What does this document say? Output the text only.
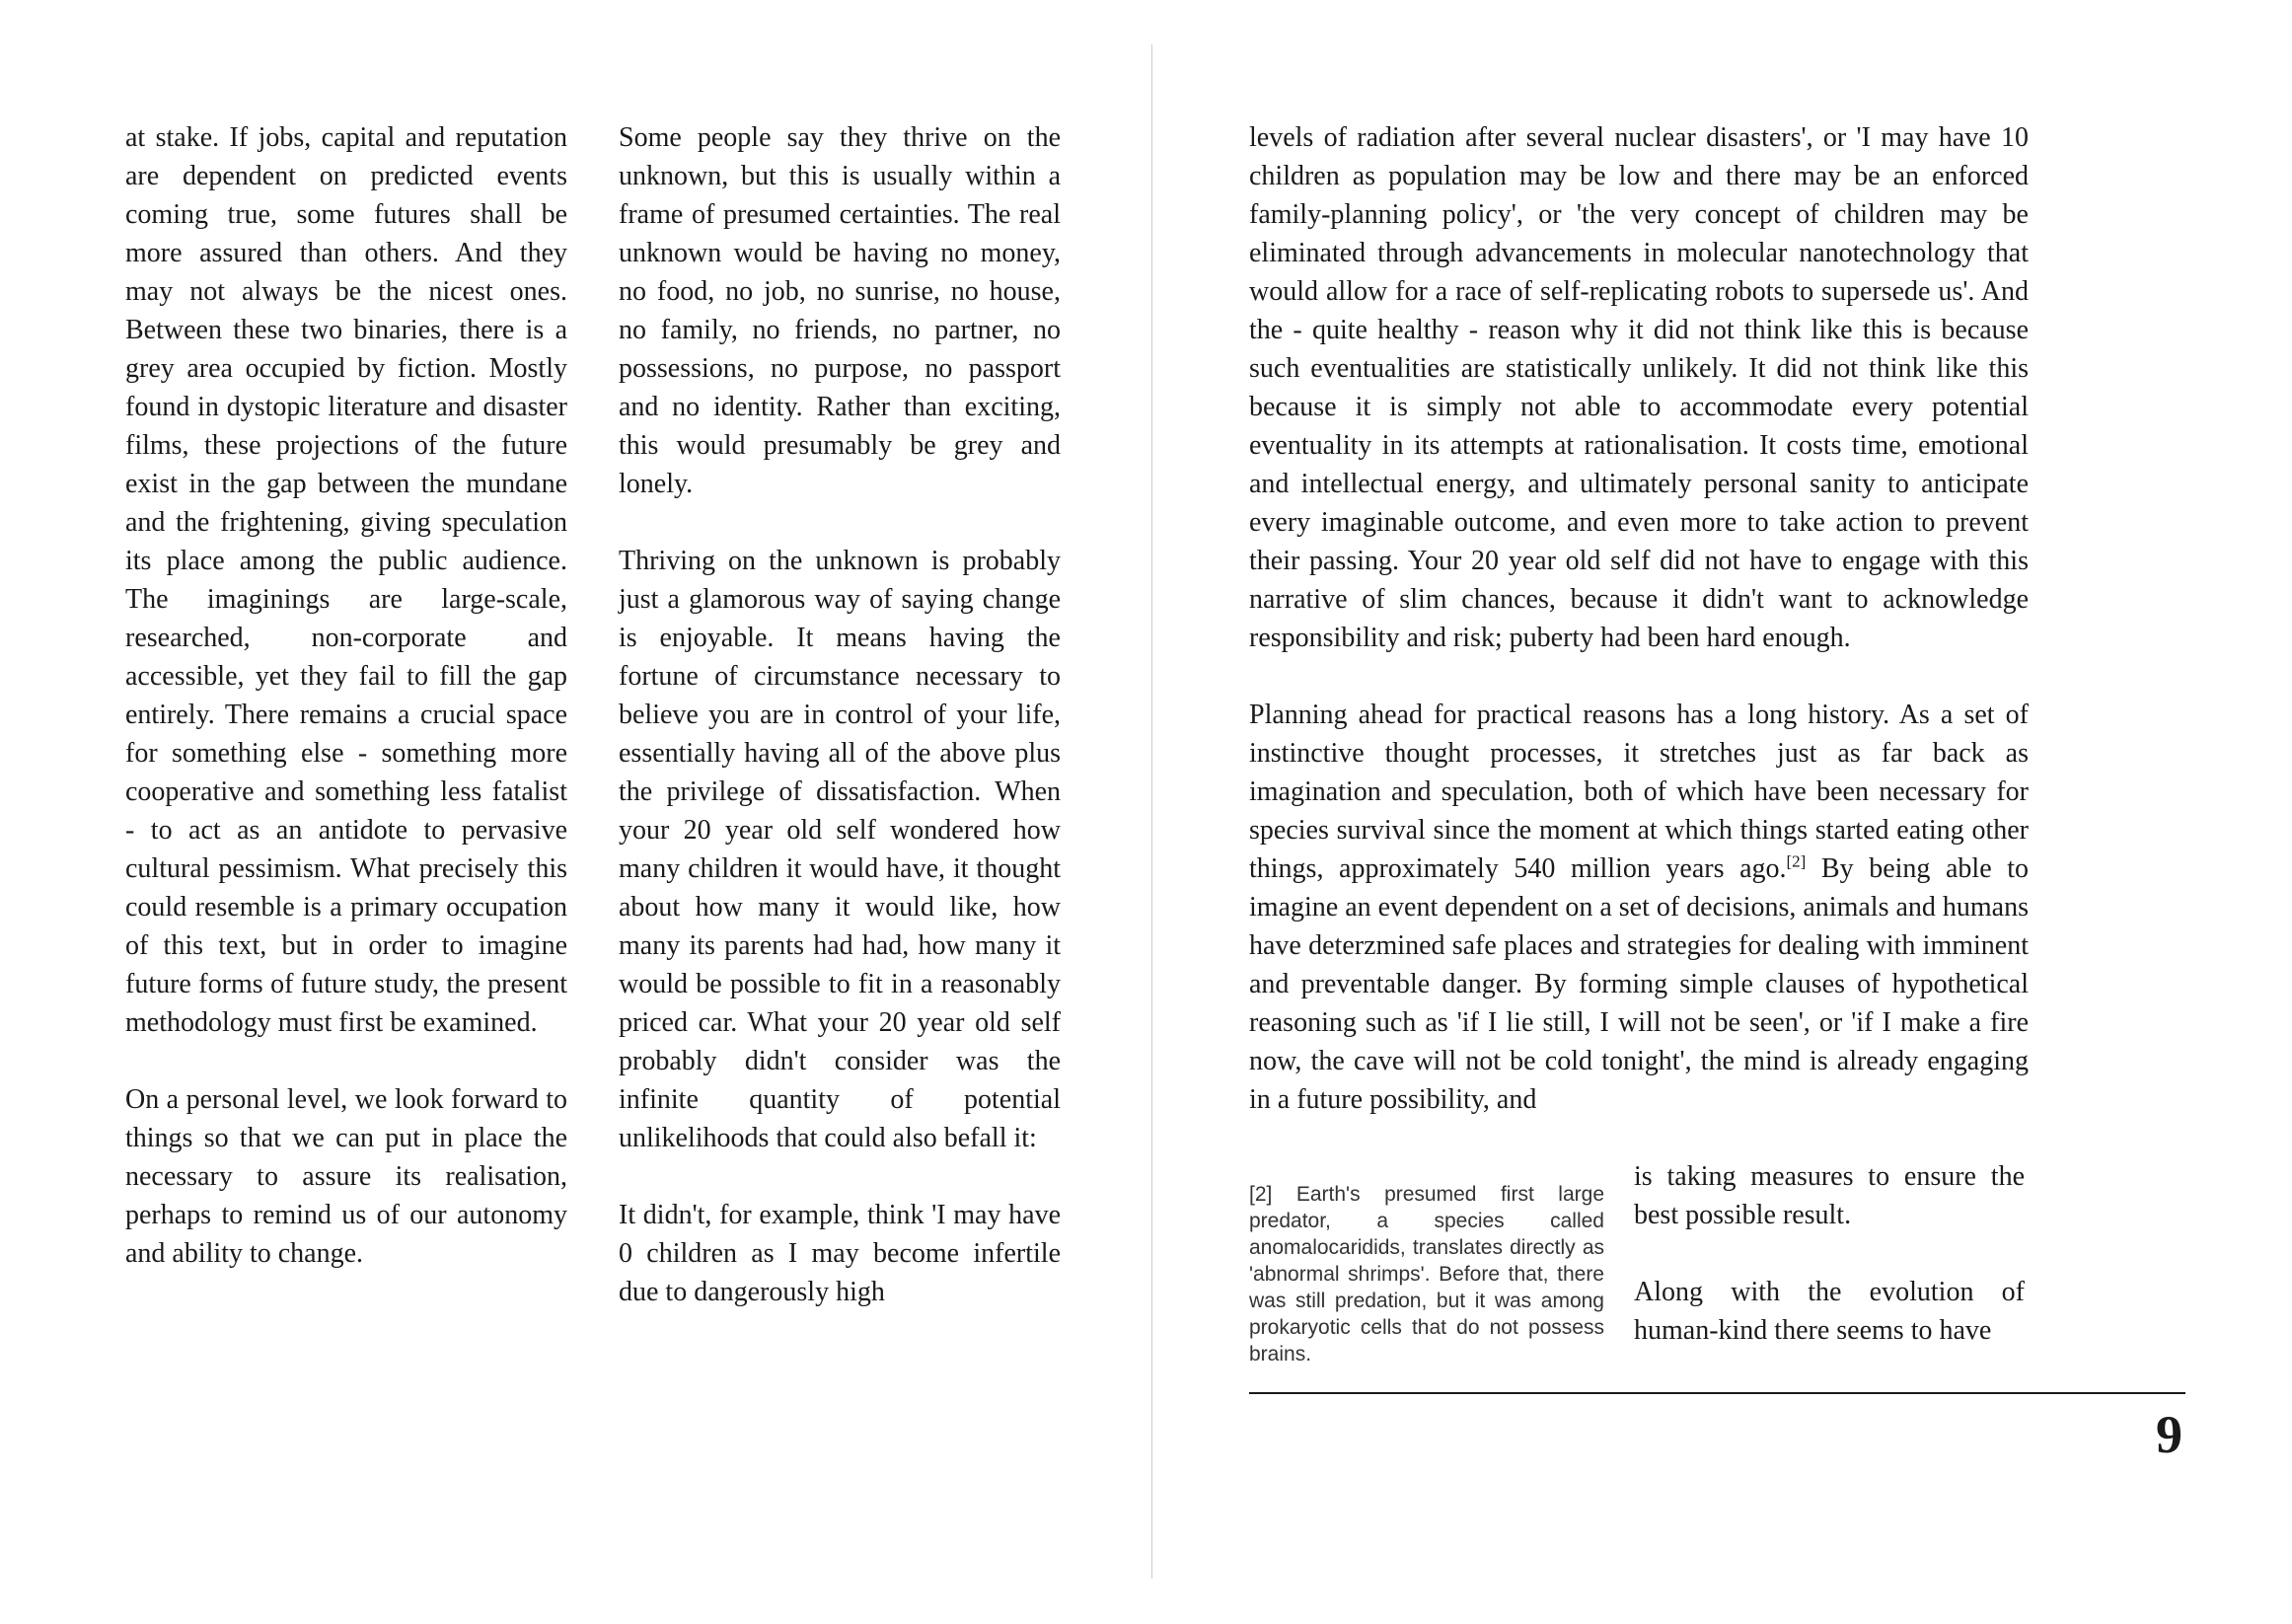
at stake. If jobs, capital and reputation are dependent on predicted events coming true, some futures shall be more assured than others. And they may not always be the nicest ones. Between these two binaries, there is a grey area occupied by fiction. Mostly found in dystopic literature and disaster films, these projections of the future exist in the gap between the mundane and the frightening, giving speculation its place among the public audience. The imaginings are large-scale, researched, non-corporate and accessible, yet they fail to fill the gap entirely. There remains a crucial space for something else - something more cooperative and something less fatalist - to act as an antidote to pervasive cultural pessimism. What precisely this could resemble is a primary occupation of this text, but in order to imagine future forms of future study, the present methodology must first be examined.

On a personal level, we look forward to things so that we can put in place the necessary to assure its realisation, perhaps to remind us of our autonomy and ability to change.

Some people say they thrive on the unknown, but this is usually within a frame of presumed certainties. The real unknown would be having no money, no food, no job, no sunrise, no house, no family, no friends, no partner, no possessions, no purpose, no passport and no identity. Rather than exciting, this would presumably be grey and lonely.

Thriving on the unknown is probably just a glamorous way of saying change is enjoyable. It means having the fortune of circumstance necessary to believe you are in control of your life, essentially having all of the above plus the privilege of dissatisfaction. When your 20 year old self wondered how many children it would have, it thought about how many it would like, how many its parents had had, how many it would be possible to fit in a reasonably priced car. What your 20 year old self probably didn't consider was the infinite quantity of potential unlikelihoods that could also befall it:

It didn't, for example, think 'I may have 0 children as I may become infertile due to dangerously high

levels of radiation after several nuclear disasters', or 'I may have 10 children as population may be low and there may be an enforced family-planning policy', or 'the very concept of children may be eliminated through advancements in molecular nanotechnology that would allow for a race of self-replicating robots to supersede us'. And the - quite healthy - reason why it did not think like this is because such eventualities are statistically unlikely. It did not think like this because it is simply not able to accommodate every potential eventuality in its attempts at rationalisation. It costs time, emotional and intellectual energy, and ultimately personal sanity to anticipate every imaginable outcome, and even more to take action to prevent their passing. Your 20 year old self did not have to engage with this narrative of slim chances, because it didn't want to acknowledge responsibility and risk; puberty had been hard enough.

Planning ahead for practical reasons has a long history. As a set of instinctive thought processes, it stretches just as far back as imagination and speculation, both of which have been necessary for species survival since the moment at which things started eating other things, approximately 540 million years ago.[2] By being able to imagine an event dependent on a set of decisions, animals and humans have deterzmined safe places and strategies for dealing with imminent and preventable danger. By forming simple clauses of hypothetical reasoning such as 'if I lie still, I will not be seen', or 'if I make a fire now, the cave will not be cold tonight', the mind is already engaging in a future possibility, and

[2] Earth's presumed first large predator, a species called anomalocaridids, translates directly as 'abnormal shrimps'. Before that, there was still predation, but it was among prokaryotic cells that do not possess brains.

is taking measures to ensure the best possible result.

Along with the evolution of human-kind there seems to have

9
